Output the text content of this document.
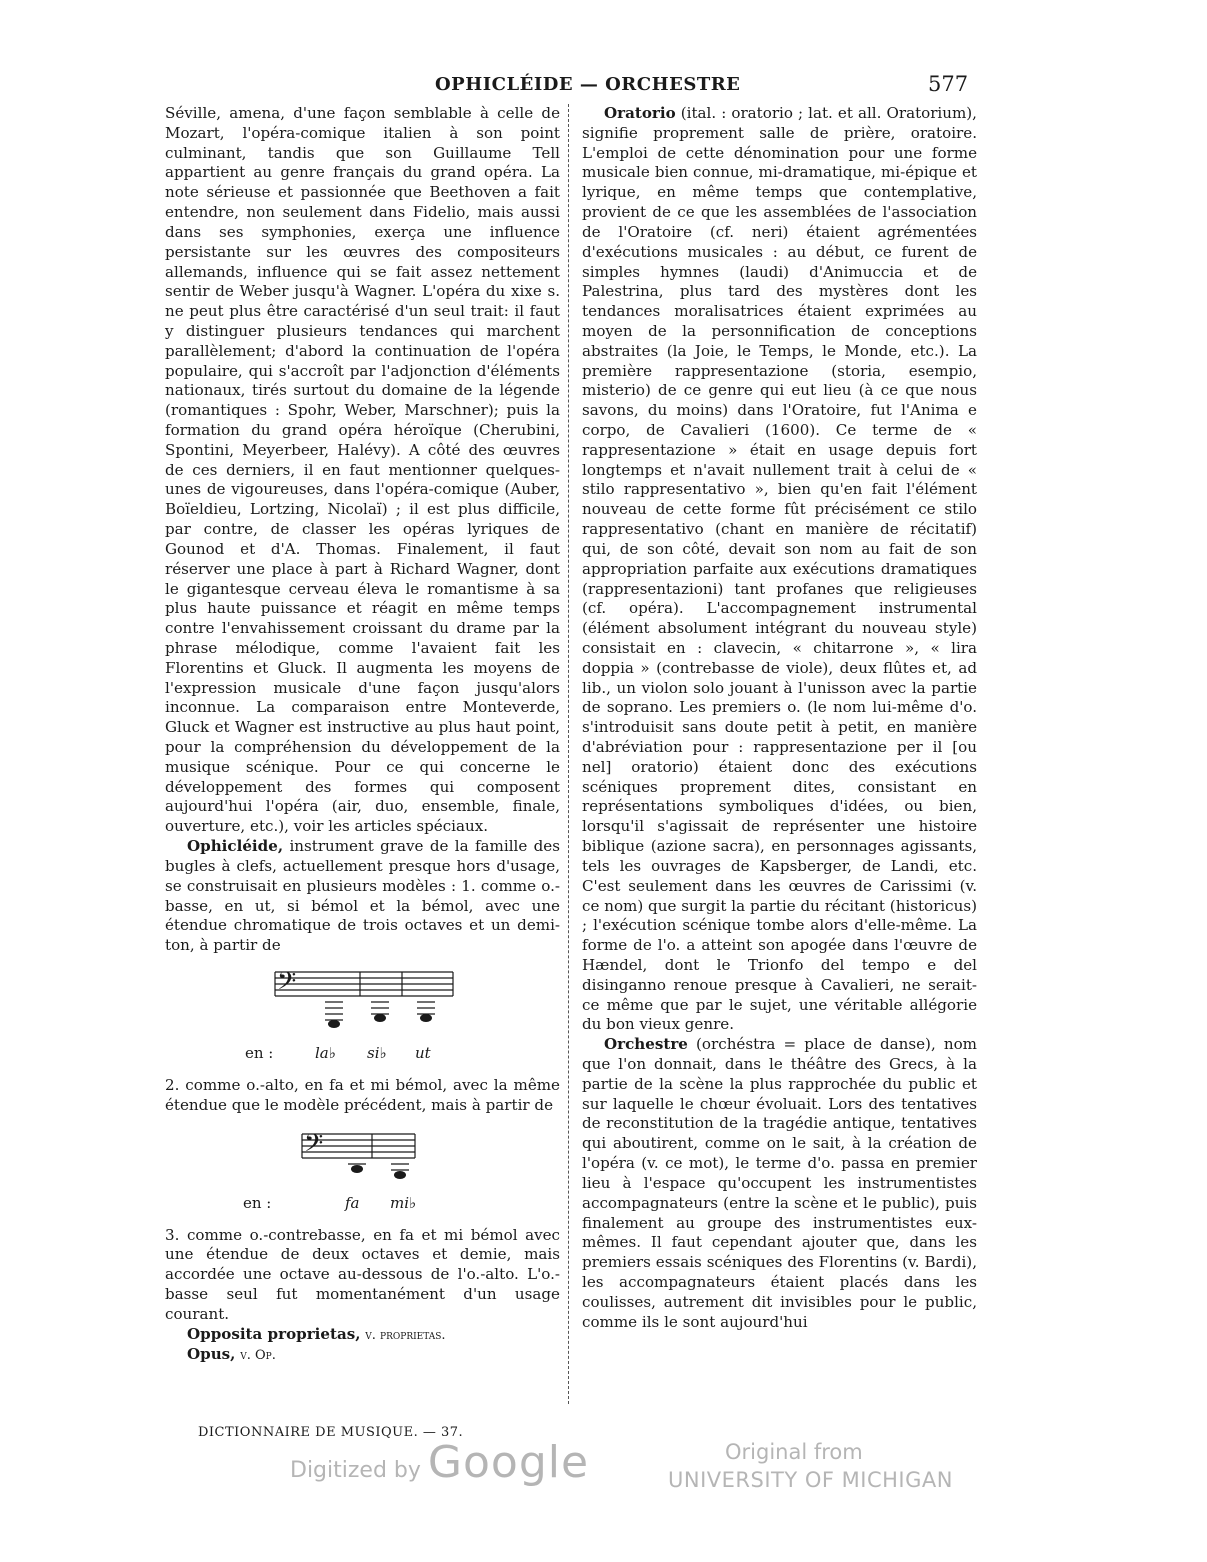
OPHICLÉIDE — ORCHESTRE	577

Séville, amena, d'une façon semblable à celle de Mozart, l'opéra-comique italien à son point culminant, tandis que son Guillaume Tell appartient au genre français du grand opéra. La note sérieuse et passionnée que Beethoven a fait entendre, non seulement dans Fidelio, mais aussi dans ses symphonies, exerça une influence persistante sur les œuvres des compositeurs allemands, influence qui se fait assez nettement sentir de Weber jusqu'à Wagner. L'opéra du xixe s. ne peut plus être caractérisé d'un seul trait: il faut y distinguer plusieurs tendances qui marchent parallèlement; d'abord la continuation de l'opéra populaire, qui s'accroît par l'adjonction d'éléments nationaux, tirés surtout du domaine de la légende (romantiques : Spohr, Weber, Marschner); puis la formation du grand opéra héroïque (Cherubini, Spontini, Meyerbeer, Halévy). A côté des œuvres de ces derniers, il en faut mentionner quelques-unes de vigoureuses, dans l'opéra-comique (Auber, Boïeldieu, Lortzing, Nicolaï) ; il est plus difficile, par contre, de classer les opéras lyriques de Gounod et d'A. Thomas. Finalement, il faut réserver une place à part à Richard Wagner, dont le gigantesque cerveau éleva le romantisme à sa plus haute puissance et réagit en même temps contre l'envahissement croissant du drame par la phrase mélodique, comme l'avaient fait les Florentins et Gluck. Il augmenta les moyens de l'expression musicale d'une façon jusqu'alors inconnue. La comparaison entre Monteverde, Gluck et Wagner est instructive au plus haut point, pour la compréhension du développement de la musique scénique. Pour ce qui concerne le développement des formes qui composent aujourd'hui l'opéra (air, duo, ensemble, finale, ouverture, etc.), voir les articles spéciaux.

Ophicléide, instrument grave de la famille des bugles à clefs, actuellement presque hors d'usage, se construisait en plusieurs modèles : 1. comme o.-basse, en ut, si bémol et la bémol, avec une étendue chromatique de trois octaves et un demi-ton, à partir de

𝄢
en :	la♭ si♭ ut

2. comme o.-alto, en fa et mi bémol, avec la même étendue que le modèle précédent, mais à partir de

𝄢
en :	fa mi♭

3. comme o.-contrebasse, en fa et mi bémol avec une étendue de deux octaves et demie, mais accordée une octave au-dessous de l'o.-alto. L'o.-basse seul fut momentanément d'un usage courant.

Opposita proprietas, v. proprietas.

Opus, v. Op.

Oratorio (ital. : oratorio ; lat. et all. Oratorium), signifie proprement salle de prière, oratoire. L'emploi de cette dénomination pour une forme musicale bien connue, mi-dramatique, mi-épique et lyrique, en même temps que contemplative, provient de ce que les assemblées de l'association de l'Oratoire (cf. neri) étaient agrémentées d'exécutions musicales : au début, ce furent de simples hymnes (laudi) d'Animuccia et de Palestrina, plus tard des mystères dont les tendances moralisatrices étaient exprimées au moyen de la personnification de conceptions abstraites (la Joie, le Temps, le Monde, etc.). La première rappresentazione (storia, esempio, misterio) de ce genre qui eut lieu (à ce que nous savons, du moins) dans l'Oratoire, fut l'Anima e corpo, de Cavalieri (1600). Ce terme de « rappresentazione » était en usage depuis fort longtemps et n'avait nullement trait à celui de « stilo rappresentativo », bien qu'en fait l'élément nouveau de cette forme fût précisément ce stilo rappresentativo (chant en manière de récitatif) qui, de son côté, devait son nom au fait de son appropriation parfaite aux exécutions dramatiques (rappresentazioni) tant profanes que religieuses (cf. opéra). L'accompagnement instrumental (élément absolument intégrant du nouveau style) consistait en : clavecin, « chitarrone », « lira doppia » (contrebasse de viole), deux flûtes et, ad lib., un violon solo jouant à l'unisson avec la partie de soprano. Les premiers o. (le nom lui-même d'o. s'introduisit sans doute petit à petit, en manière d'abréviation pour : rappresentazione per il [ou nel] oratorio) étaient donc des exécutions scéniques proprement dites, consistant en représentations symboliques d'idées, ou bien, lorsqu'il s'agissait de représenter une histoire biblique (azione sacra), en personnages agissants, tels les ouvrages de Kapsberger, de Landi, etc. C'est seulement dans les œuvres de Carissimi (v. ce nom) que surgit la partie du récitant (historicus) ; l'exécution scénique tombe alors d'elle-même. La forme de l'o. a atteint son apogée dans l'œuvre de Hændel, dont le Trionfo del tempo e del disinganno renoue presque à Cavalieri, ne serait-ce même que par le sujet, une véritable allégorie du bon vieux genre.

Orchestre (orchéstra = place de danse), nom que l'on donnait, dans le théâtre des Grecs, à la partie de la scène la plus rapprochée du public et sur laquelle le chœur évoluait. Lors des tentatives de reconstitution de la tragédie antique, tentatives qui aboutirent, comme on le sait, à la création de l'opéra (v. ce mot), le terme d'o. passa en premier lieu à l'espace qu'occupent les instrumentistes accompagnateurs (entre la scène et le public), puis finalement au groupe des instrumentistes eux-mêmes. Il faut cependant ajouter que, dans les premiers essais scéniques des Florentins (v. Bardi), les accompagnateurs étaient placés dans les coulisses, autrement dit invisibles pour le public, comme ils le sont aujourd'hui

DICTIONNAIRE DE MUSIQUE. — 37.
Digitized by Google	Original from
UNIVERSITY OF MICHIGAN
